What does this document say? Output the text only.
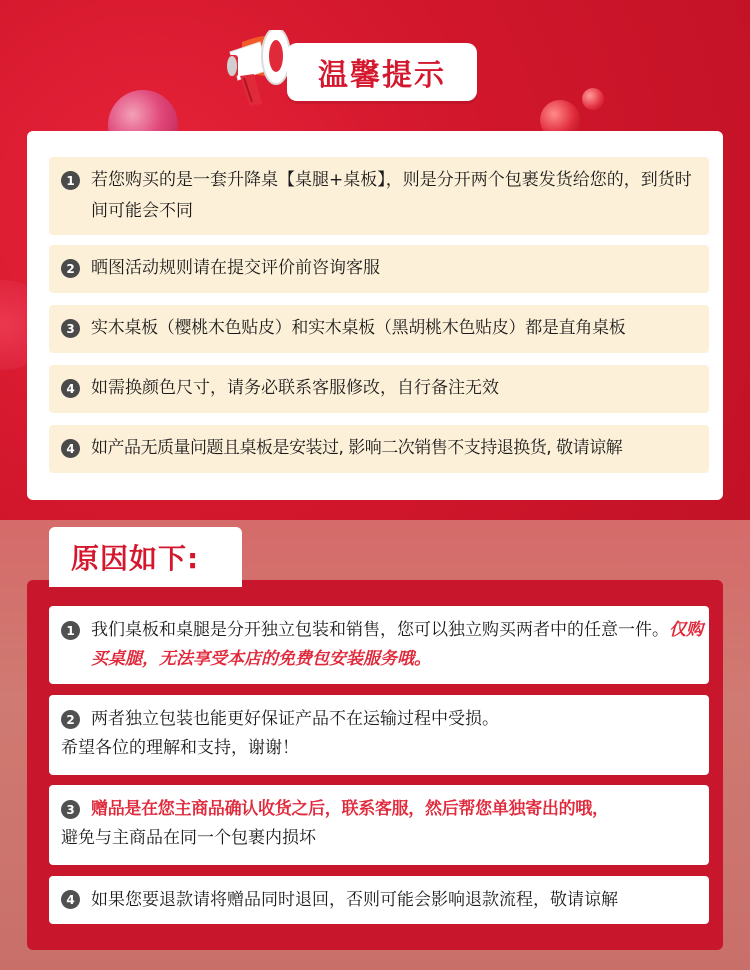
温馨提示
1 若您购买的是一套升降桌【桌腿+桌板】，则是分开两个包裹发货给您的，到货时间可能会不同
2 晒图活动规则请在提交评价前咨询客服
3 实木桌板（樱桃木色贴皮）和实木桌板（黑胡桃木色贴皮）都是直角桌板
4 如需换颜色尺寸，请务必联系客服修改，自行备注无效
4 如产品无质量问题且桌板是安装过, 影响二次销售不支持退换货, 敬请谅解
1 我们桌板和桌腿是分开独立包装和销售，您可以独立购买两者中的任意一件。仅购买桌腿，无法享受本店的免费包安装服务哦。
2 两者独立包装也能更好保证产品不在运输过程中受损。
希望各位的理解和支持，谢谢！
3 赠品是在您主商品确认收货之后，联系客服，然后帮您单独寄出的哦，
避免与主商品在同一个包裹内损坏
4 如果您要退款请将赠品同时退回，否则可能会影响退款流程，敬请谅解
原因如下:
